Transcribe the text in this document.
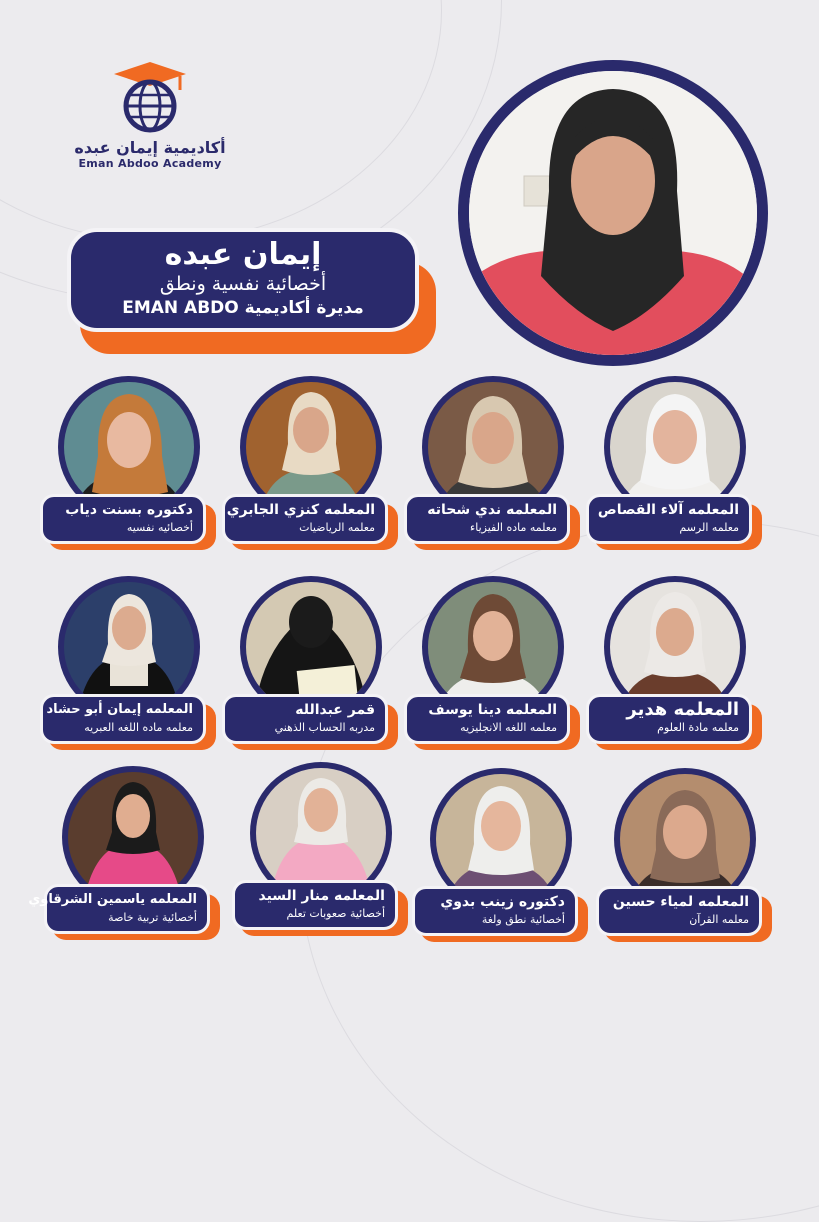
أكاديمية إيمان عبده
Eman Abdoo Academy
إيمان عبده
أخصائية نفسية ونطق
مديرة أكاديمية EMAN ABDO
المعلمه آلاء القصاص
معلمه الرسم
المعلمه ندي شحاته
معلمه ماده الفيزياء
المعلمه كنزي الجابري
معلمه الرياضيات
دكتوره بسنت دياب
أخصائيه نفسيه
المعلمه هدير
معلمه مادة العلوم
المعلمه دينا يوسف
معلمه اللغه الانجليزيه
قمر عبدالله
مدربه الحساب الذهني
المعلمه إيمان أبو حشاد
معلمه ماده اللغه العبريه
المعلمه لمياء حسين
معلمه القرآن
دكتوره زينب بدوي
أخصائية نطق ولغة
المعلمه منار السيد
أخصائية صعوبات تعلم
المعلمه ياسمين الشرقاوي
أخصائية تربية خاصة
